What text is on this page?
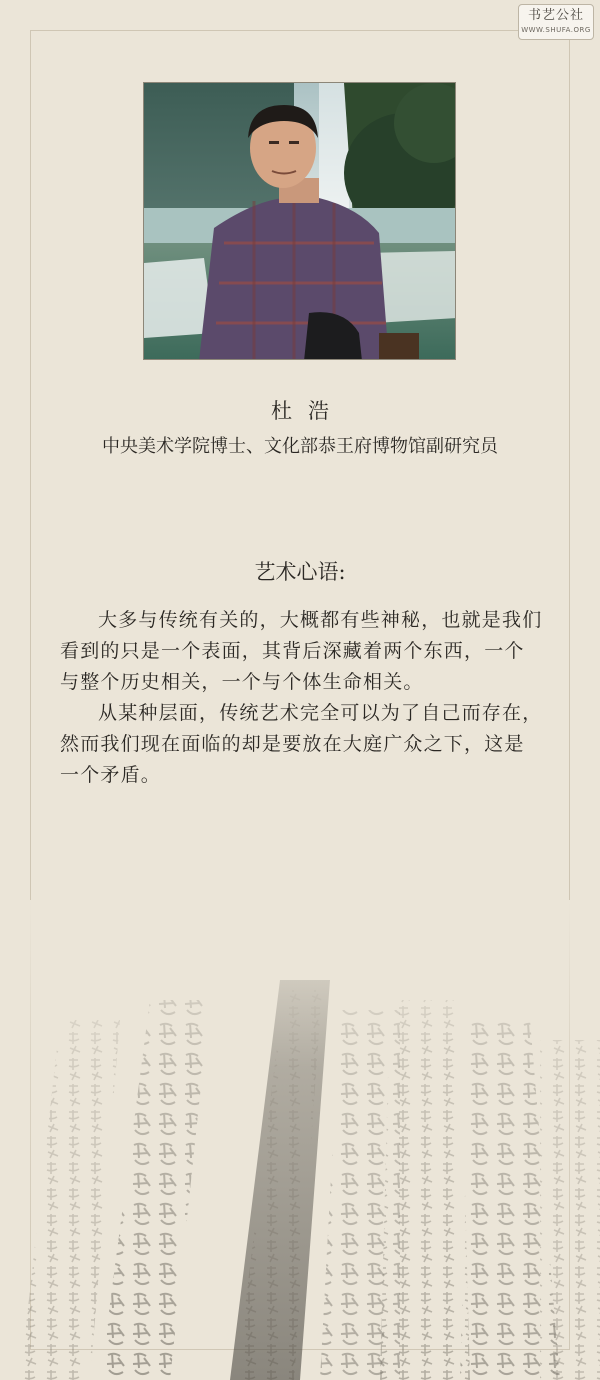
书艺公社
WWW.SHUFA.ORG
杜浩
中央美术学院博士、文化部恭王府博物馆副研究员
艺术心语:

大多与传统有关的，大概都有些神秘，也就是我们看到的只是一个表面，其背后深藏着两个东西，一个与整个历史相关，一个与个体生命相关。

从某种层面，传统艺术完全可以为了自己而存在，然而我们现在面临的却是要放在大庭广众之下，这是一个矛盾。
